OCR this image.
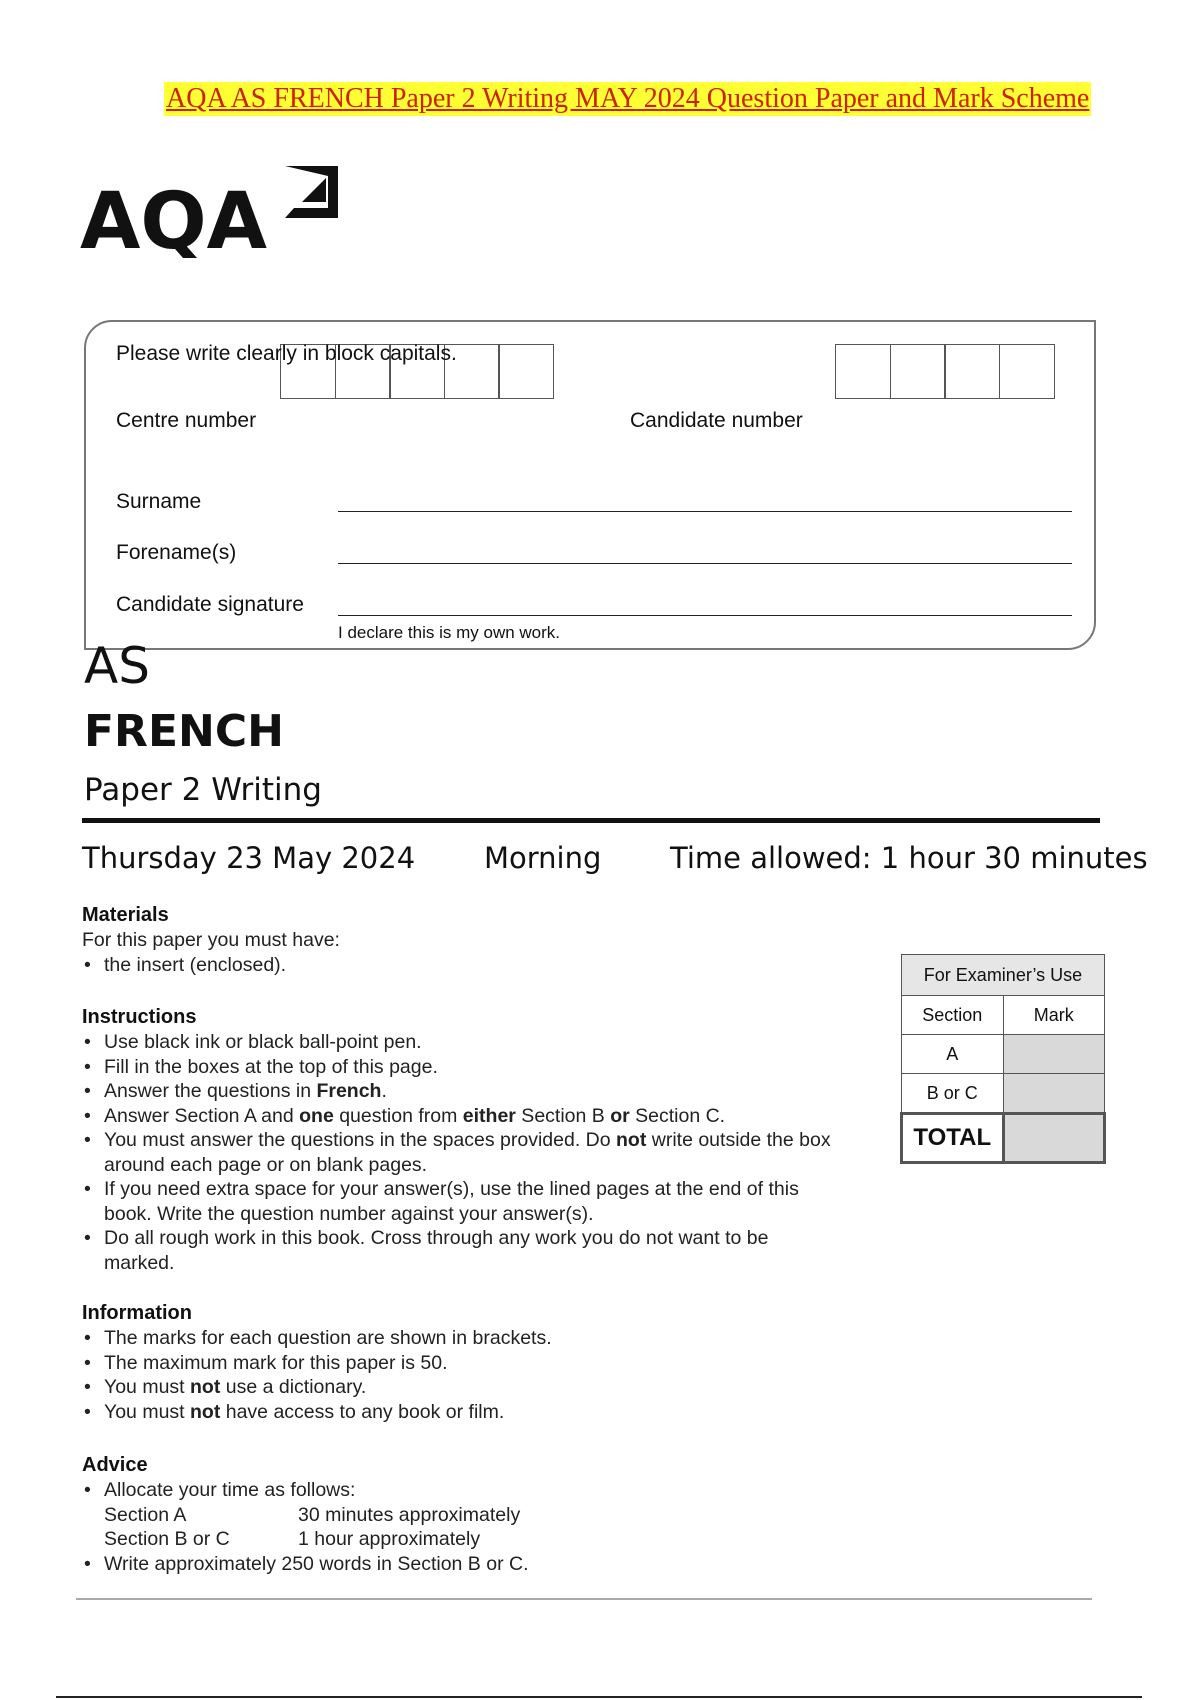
AQA AS FRENCH Paper 2 Writing MAY 2024 Question Paper and Mark Scheme
AQA
Please write clearly in block capitals.
Centre number	Candidate number
Surname
Forename(s)
Candidate signature
I declare this is my own work.
AS
FRENCH
Paper 2 Writing
Thursday 23 May 2024 Morning Time allowed: 1 hour 30 minutes
Materials
For this paper you must have:
• the insert (enclosed).
Instructions
• Use black ink or black ball-point pen.
• Fill in the boxes at the top of this page.
• Answer the questions in French.
• Answer Section A and one question from either Section B or Section C.
• You must answer the questions in the spaces provided. Do not write outside the box around each page or on blank pages.
• If you need extra space for your answer(s), use the lined pages at the end of this book. Write the question number against your answer(s).
• Do all rough work in this book. Cross through any work you do not want to be marked.
Information
• The marks for each question are shown in brackets.
• The maximum mark for this paper is 50.
• You must not use a dictionary.
• You must not have access to any book or film.
Advice
• Allocate your time as follows:
Section A	30 minutes approximately
Section B or C	1 hour approximately
• Write approximately 250 words in Section B or C.
For Examiner’s Use	
Section	Mark
A	
B or C	
TOTAL	
